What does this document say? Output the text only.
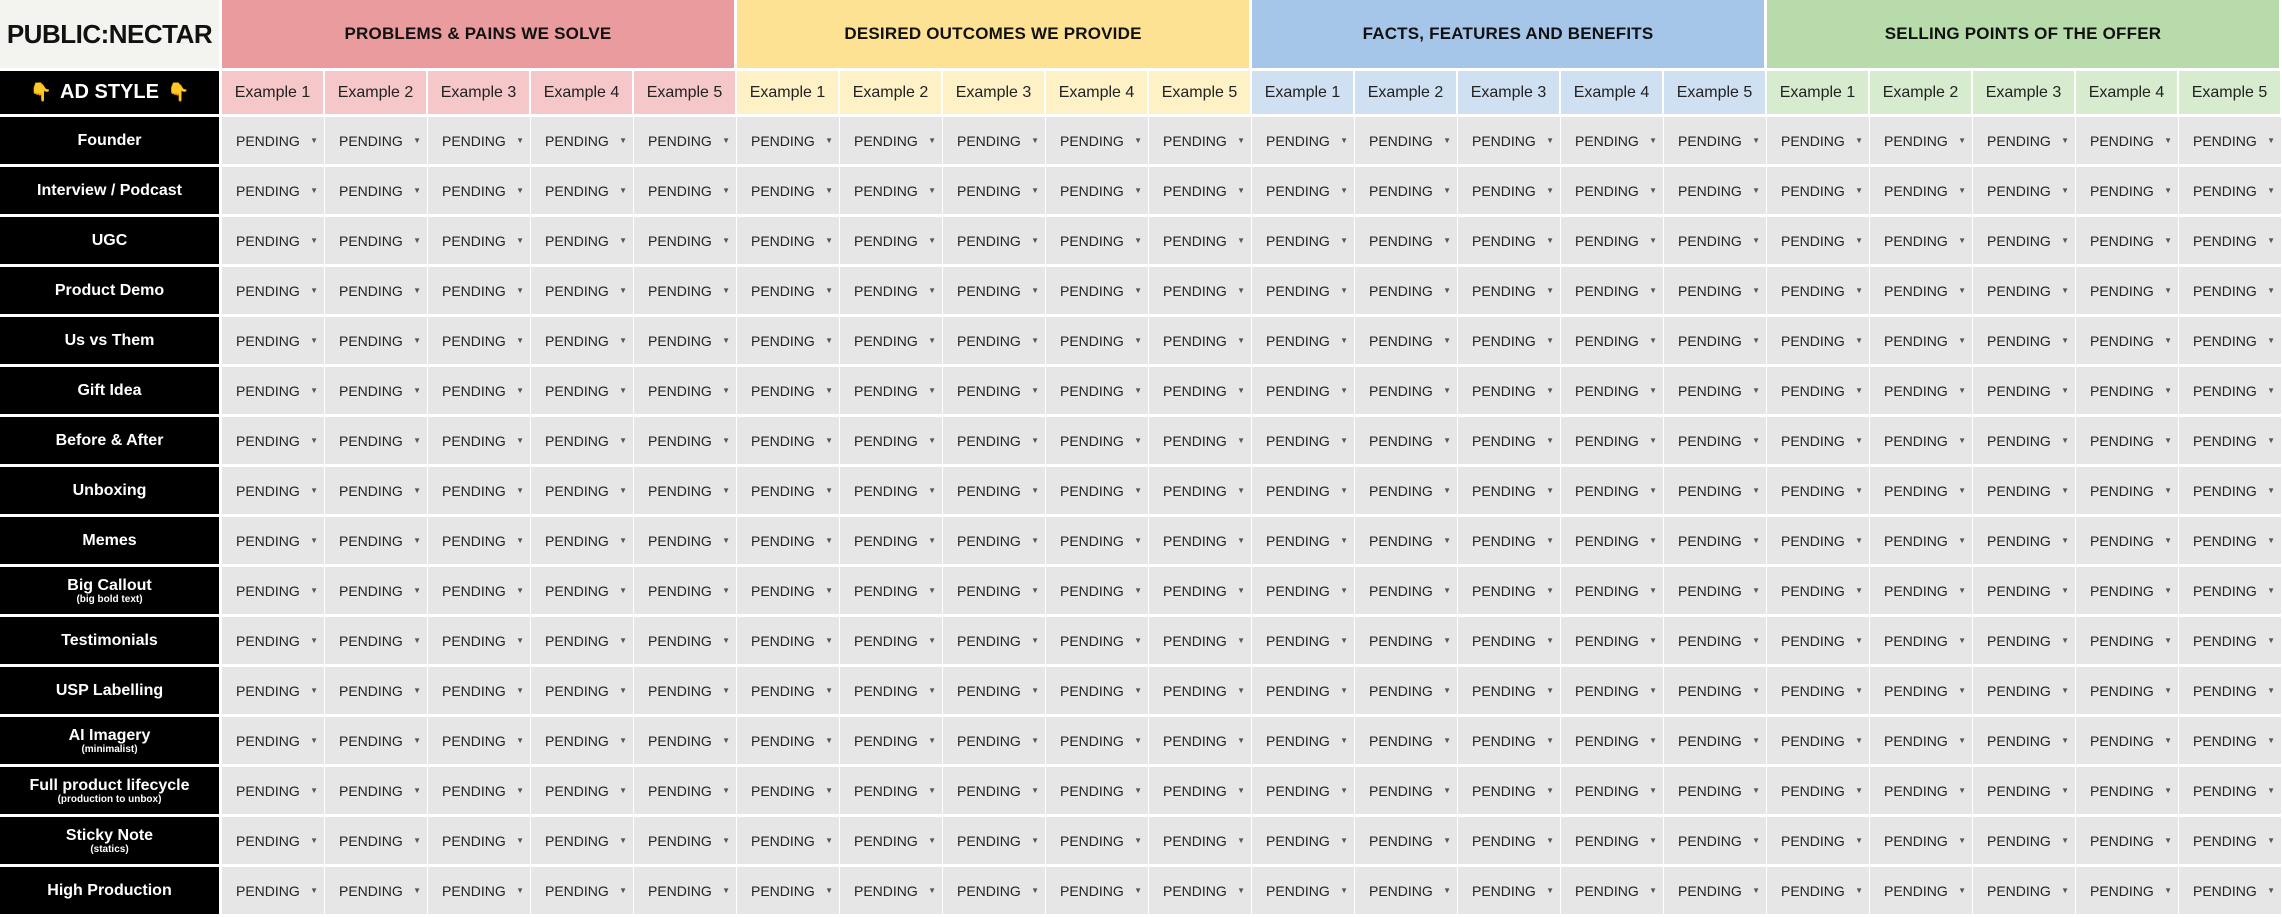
PUBLIC:NECTAR	PROBLEMS & PAINS WE SOLVE	DESIRED OUTCOMES WE PROVIDE	FACTS, FEATURES AND BENEFITS	SELLING POINTS OF THE OFFER
👇 AD STYLE 👇	Example 1	Example 2	Example 3	Example 4	Example 5	Example 1	Example 2	Example 3	Example 4	Example 5	Example 1	Example 2	Example 3	Example 4	Example 5	Example 1	Example 2	Example 3	Example 4	Example 5
Founder	PENDING ▼ PENDING ▼ PENDING ▼ PENDING ▼ PENDING ▼ PENDING ▼ PENDING ▼ PENDING ▼ PENDING ▼ PENDING ▼ PENDING ▼ PENDING ▼ PENDING ▼ PENDING ▼ PENDING ▼ PENDING ▼ PENDING ▼ PENDING ▼ PENDING ▼ PENDING ▼
Interview / Podcast	PENDING ▼ PENDING ▼ PENDING ▼ PENDING ▼ PENDING ▼ PENDING ▼ PENDING ▼ PENDING ▼ PENDING ▼ PENDING ▼ PENDING ▼ PENDING ▼ PENDING ▼ PENDING ▼ PENDING ▼ PENDING ▼ PENDING ▼ PENDING ▼ PENDING ▼ PENDING ▼
UGC	PENDING ▼ PENDING ▼ PENDING ▼ PENDING ▼ PENDING ▼ PENDING ▼ PENDING ▼ PENDING ▼ PENDING ▼ PENDING ▼ PENDING ▼ PENDING ▼ PENDING ▼ PENDING ▼ PENDING ▼ PENDING ▼ PENDING ▼ PENDING ▼ PENDING ▼ PENDING ▼
Product Demo	PENDING ▼ PENDING ▼ PENDING ▼ PENDING ▼ PENDING ▼ PENDING ▼ PENDING ▼ PENDING ▼ PENDING ▼ PENDING ▼ PENDING ▼ PENDING ▼ PENDING ▼ PENDING ▼ PENDING ▼ PENDING ▼ PENDING ▼ PENDING ▼ PENDING ▼ PENDING ▼
Us vs Them	PENDING ▼ PENDING ▼ PENDING ▼ PENDING ▼ PENDING ▼ PENDING ▼ PENDING ▼ PENDING ▼ PENDING ▼ PENDING ▼ PENDING ▼ PENDING ▼ PENDING ▼ PENDING ▼ PENDING ▼ PENDING ▼ PENDING ▼ PENDING ▼ PENDING ▼ PENDING ▼
Gift Idea	PENDING ▼ PENDING ▼ PENDING ▼ PENDING ▼ PENDING ▼ PENDING ▼ PENDING ▼ PENDING ▼ PENDING ▼ PENDING ▼ PENDING ▼ PENDING ▼ PENDING ▼ PENDING ▼ PENDING ▼ PENDING ▼ PENDING ▼ PENDING ▼ PENDING ▼ PENDING ▼
Before & After	PENDING ▼ PENDING ▼ PENDING ▼ PENDING ▼ PENDING ▼ PENDING ▼ PENDING ▼ PENDING ▼ PENDING ▼ PENDING ▼ PENDING ▼ PENDING ▼ PENDING ▼ PENDING ▼ PENDING ▼ PENDING ▼ PENDING ▼ PENDING ▼ PENDING ▼ PENDING ▼
Unboxing	PENDING ▼ PENDING ▼ PENDING ▼ PENDING ▼ PENDING ▼ PENDING ▼ PENDING ▼ PENDING ▼ PENDING ▼ PENDING ▼ PENDING ▼ PENDING ▼ PENDING ▼ PENDING ▼ PENDING ▼ PENDING ▼ PENDING ▼ PENDING ▼ PENDING ▼ PENDING ▼
Memes	PENDING ▼ PENDING ▼ PENDING ▼ PENDING ▼ PENDING ▼ PENDING ▼ PENDING ▼ PENDING ▼ PENDING ▼ PENDING ▼ PENDING ▼ PENDING ▼ PENDING ▼ PENDING ▼ PENDING ▼ PENDING ▼ PENDING ▼ PENDING ▼ PENDING ▼ PENDING ▼
Big Callout
(big bold text)
PENDING ▼ PENDING ▼ PENDING ▼ PENDING ▼ PENDING ▼ PENDING ▼ PENDING ▼ PENDING ▼ PENDING ▼ PENDING ▼ PENDING ▼ PENDING ▼ PENDING ▼ PENDING ▼ PENDING ▼ PENDING ▼ PENDING ▼ PENDING ▼ PENDING ▼ PENDING ▼
Testimonials	PENDING ▼ PENDING ▼ PENDING ▼ PENDING ▼ PENDING ▼ PENDING ▼ PENDING ▼ PENDING ▼ PENDING ▼ PENDING ▼ PENDING ▼ PENDING ▼ PENDING ▼ PENDING ▼ PENDING ▼ PENDING ▼ PENDING ▼ PENDING ▼ PENDING ▼ PENDING ▼
USP Labelling	PENDING ▼ PENDING ▼ PENDING ▼ PENDING ▼ PENDING ▼ PENDING ▼ PENDING ▼ PENDING ▼ PENDING ▼ PENDING ▼ PENDING ▼ PENDING ▼ PENDING ▼ PENDING ▼ PENDING ▼ PENDING ▼ PENDING ▼ PENDING ▼ PENDING ▼ PENDING ▼
AI Imagery
(minimalist)
PENDING ▼ PENDING ▼ PENDING ▼ PENDING ▼ PENDING ▼ PENDING ▼ PENDING ▼ PENDING ▼ PENDING ▼ PENDING ▼ PENDING ▼ PENDING ▼ PENDING ▼ PENDING ▼ PENDING ▼ PENDING ▼ PENDING ▼ PENDING ▼ PENDING ▼ PENDING ▼
Full product lifecycle
(production to unbox)
PENDING ▼ PENDING ▼ PENDING ▼ PENDING ▼ PENDING ▼ PENDING ▼ PENDING ▼ PENDING ▼ PENDING ▼ PENDING ▼ PENDING ▼ PENDING ▼ PENDING ▼ PENDING ▼ PENDING ▼ PENDING ▼ PENDING ▼ PENDING ▼ PENDING ▼ PENDING ▼
Sticky Note
(statics)
PENDING ▼ PENDING ▼ PENDING ▼ PENDING ▼ PENDING ▼ PENDING ▼ PENDING ▼ PENDING ▼ PENDING ▼ PENDING ▼ PENDING ▼ PENDING ▼ PENDING ▼ PENDING ▼ PENDING ▼ PENDING ▼ PENDING ▼ PENDING ▼ PENDING ▼ PENDING ▼
High Production	PENDING ▼ PENDING ▼ PENDING ▼ PENDING ▼ PENDING ▼ PENDING ▼ PENDING ▼ PENDING ▼ PENDING ▼ PENDING ▼ PENDING ▼ PENDING ▼ PENDING ▼ PENDING ▼ PENDING ▼ PENDING ▼ PENDING ▼ PENDING ▼ PENDING ▼ PENDING ▼
